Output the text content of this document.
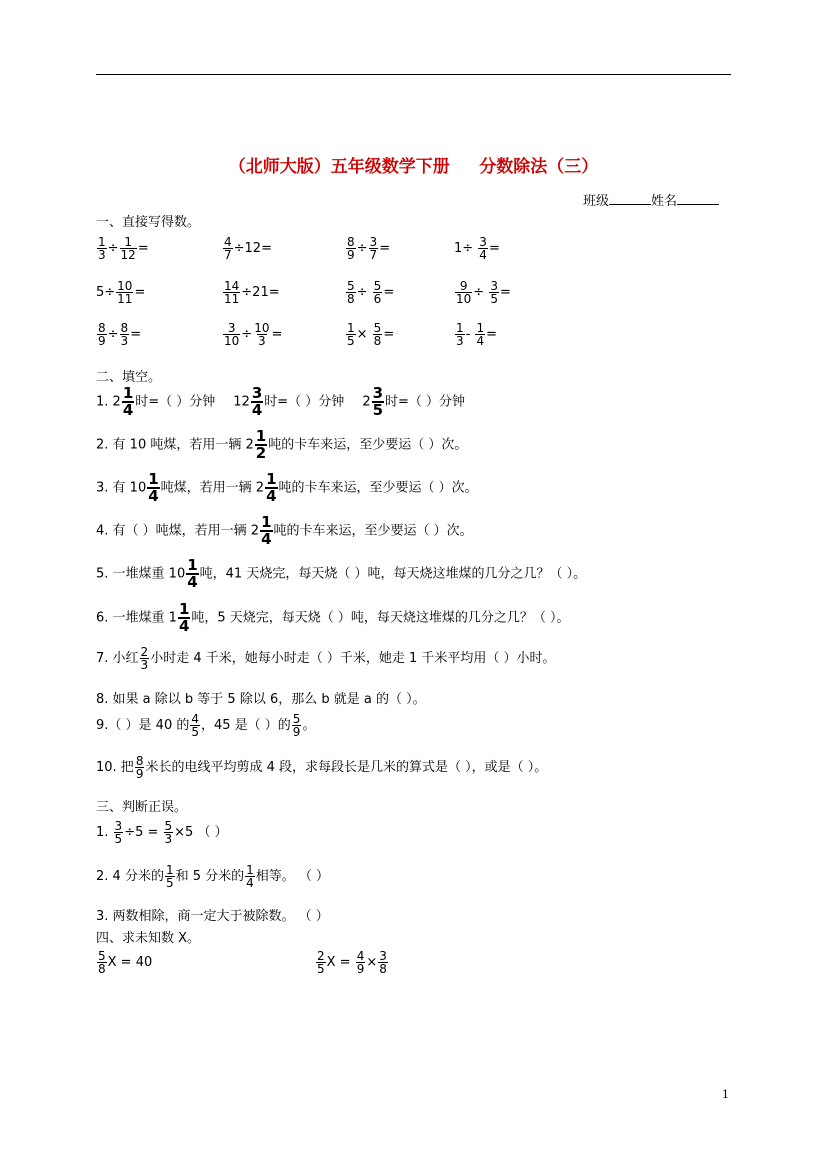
（北师大版）五年级数学下册     分数除法（三）
班级	姓名
一、直接写得数。
$\frac{1}{3} \div \frac{1}{12}$ =	$\frac{4}{7} \div 12=$	$\frac{8}{9} \div \frac{3}{7}$ =	$1\div \frac{3}{4}$ =
$5\div \frac{10}{11}$ =	$\frac{14}{11} \div 21=$	$\frac{5}{8} \div \frac{5}{6}$ =	$\frac{9}{10} \div \frac{3}{5}$ =
$\frac{8}{9} \div \frac{8}{3}$ =	$\frac{3}{10} \div \frac{10}{3}$ =	$\frac{1}{5} \times \frac{5}{8}$ =	$\frac{1}{3} - \frac{1}{4}$ =
二、填空。
1. $2 \frac{1}{4}$ 时=（ ）分钟 $12 \frac{3}{4}$ 时=（ ）分钟 $2 \frac{3}{5}$ 时=（ ）分钟
2. 有 10 吨煤，若用一辆 $2 \frac{1}{2}$ 吨的卡车来运，至少要运（ ）次。
3. 有 $10 \frac{1}{4}$ 吨煤，若用一辆 $2 \frac{1}{4}$ 吨的卡车来运，至少要运（ ）次。
4. 有（ ）吨煤，若用一辆 $2 \frac{1}{4}$ 吨的卡车来运，至少要运（ ）次。
5. 一堆煤重 $10 \frac{1}{4}$ 吨，41 天烧完，每天烧（ ）吨，每天烧这堆煤的几分之几？（ ）。
6. 一堆煤重 $1 \frac{1}{4}$ 吨，5 天烧完，每天烧（ ）吨，每天烧这堆煤的几分之几？（ ）。
7. 小红 $\frac{2}{3}$ 小时走 4 千米，她每小时走（ ）千米，她走 1 千米平均用（ ）小时。
8. 如果 a 除以 b 等于 5 除以 6，那么 b 就是 a 的（ ）。
9.（ ）是 40 的 $\frac{4}{5}$ ，45 是（ ）的 $\frac{5}{9}$ 。
10. 把 $\frac{8}{9}$ 米长的电线平均剪成 4 段，求每段长是几米的算式是（ ），或是（ ）。
三、判断正误。
1. $\frac{3}{5} \div 5 = \frac{5}{3} \times 5$ （ ）
2. 4 分米的 $\frac{1}{5}$ 和 5 分米的 $\frac{1}{4}$ 相等。 （ ）
3. 两数相除，商一定大于被除数。 （ ）
四、求未知数 X。
$\frac{5}{8}$ X = 40	$\frac{2}{5}$ $X = \frac{4}{9} \times \frac{3}{8}$
1
